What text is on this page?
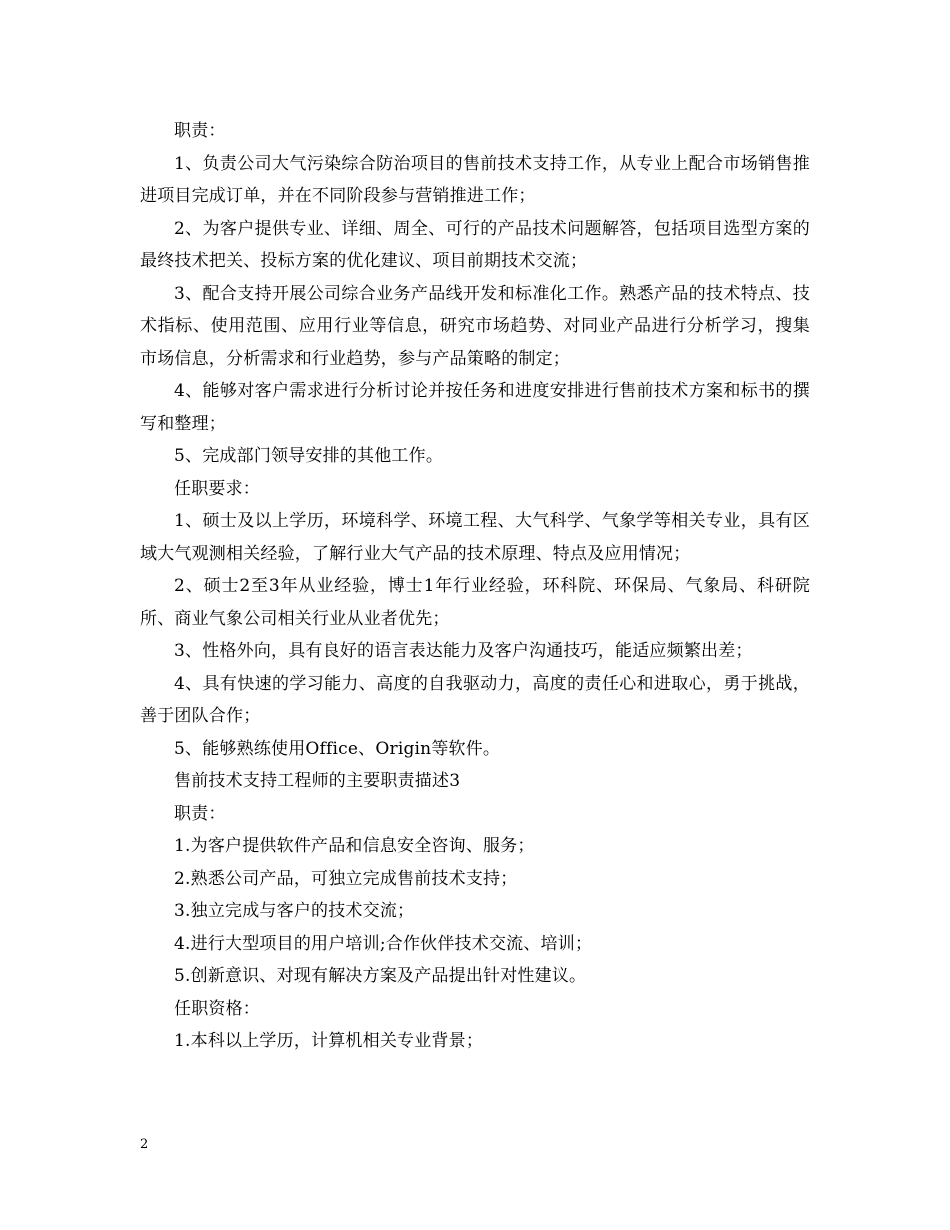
职责：

1、负责公司大气污染综合防治项目的售前技术支持工作，从专业上配合市场销售推进项目完成订单，并在不同阶段参与营销推进工作；

2、为客户提供专业、详细、周全、可行的产品技术问题解答，包括项目选型方案的最终技术把关、投标方案的优化建议、项目前期技术交流；

3、配合支持开展公司综合业务产品线开发和标准化工作。熟悉产品的技术特点、技术指标、使用范围、应用行业等信息，研究市场趋势、对同业产品进行分析学习，搜集市场信息，分析需求和行业趋势，参与产品策略的制定；

4、能够对客户需求进行分析讨论并按任务和进度安排进行售前技术方案和标书的撰写和整理；

5、完成部门领导安排的其他工作。

任职要求：

1、硕士及以上学历，环境科学、环境工程、大气科学、气象学等相关专业，具有区域大气观测相关经验，了解行业大气产品的技术原理、特点及应用情况；

2、硕士2至3年从业经验，博士1年行业经验，环科院、环保局、气象局、科研院所、商业气象公司相关行业从业者优先；

3、性格外向，具有良好的语言表达能力及客户沟通技巧，能适应频繁出差；

4、具有快速的学习能力、高度的自我驱动力，高度的责任心和进取心，勇于挑战，善于团队合作；

5、能够熟练使用Office、Origin等软件。

售前技术支持工程师的主要职责描述3

职责：

1.为客户提供软件产品和信息安全咨询、服务；

2.熟悉公司产品，可独立完成售前技术支持；

3.独立完成与客户的技术交流；

4.进行大型项目的用户培训;合作伙伴技术交流、培训；

5.创新意识、对现有解决方案及产品提出针对性建议。

任职资格：

1.本科以上学历，计算机相关专业背景；

2
